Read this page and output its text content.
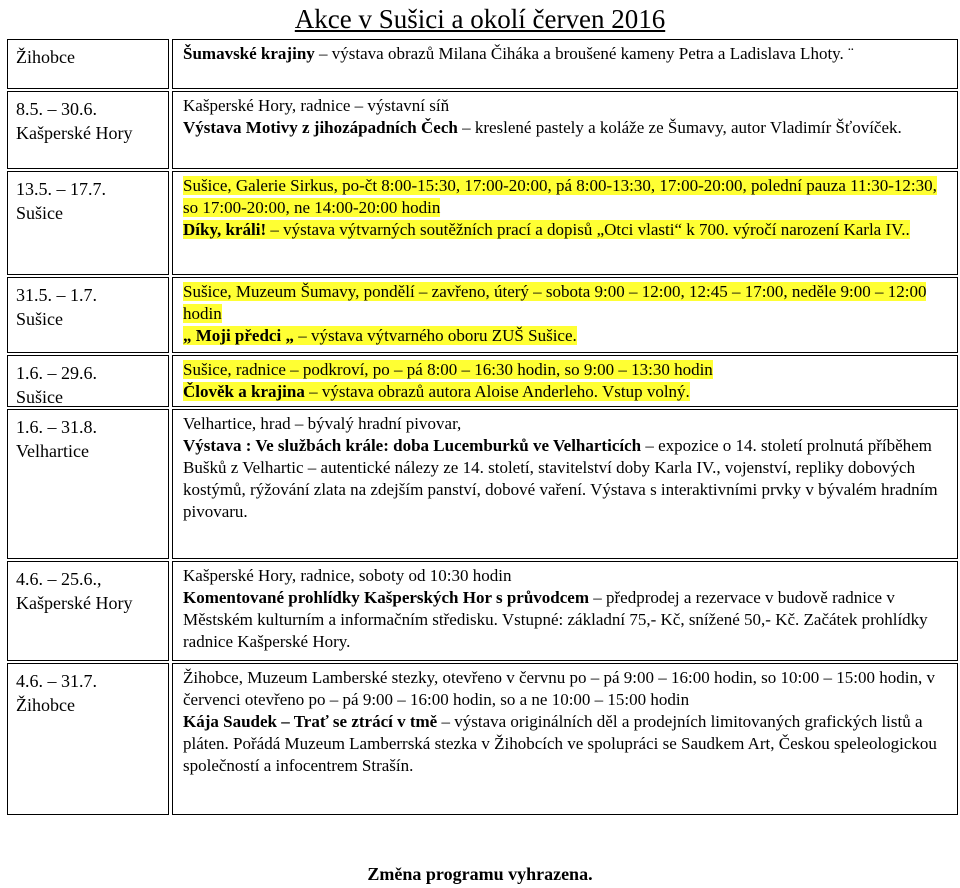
Akce v Sušici a okolí červen 2016
Žihobce	Šumavské krajiny – výstava obrazů Milana Čiháka a broušené kameny Petra a Ladislava Lhoty. ¨
8.5. – 30.6.
Kašperské Hory
Kašperské Hory, radnice – výstavní síň
Výstava Motivy z jihozápadních Čech – kreslené pastely a koláže ze Šumavy, autor Vladimír Šťovíček.
13.5. – 17.7.
Sušice
Sušice, Galerie Sirkus, po-čt 8:00-15:30, 17:00-20:00, pá 8:00-13:30, 17:00-20:00, polední pauza 11:30-12:30, so 17:00-20:00, ne 14:00-20:00 hodin
Díky, králi! – výstava výtvarných soutěžních prací a dopisů „Otci vlasti“ k 700. výročí narození Karla IV..
31.5. – 1.7.
Sušice
Sušice, Muzeum Šumavy, pondělí – zavřeno, úterý – sobota 9:00 – 12:00, 12:45 – 17:00, neděle 9:00 – 12:00 hodin
„ Moji předci „ – výstava výtvarného oboru ZUŠ Sušice.
1.6. – 29.6.
Sušice
Sušice, radnice – podkroví, po – pá 8:00 – 16:30 hodin, so 9:00 – 13:30 hodin
Člověk a krajina – výstava obrazů autora Aloise Anderleho. Vstup volný.
1.6. – 31.8.
Velhartice
Velhartice, hrad – bývalý hradní pivovar,
Výstava : Ve službách krále: doba Lucemburků ve Velharticích – expozice o 14. století prolnutá příběhem Bušků z Velhartic – autentické nálezy ze 14. století, stavitelství doby Karla IV., vojenství, repliky dobových kostýmů, rýžování zlata na zdejším panství, dobové vaření. Výstava s interaktivními prvky v bývalém hradním pivovaru.
4.6. – 25.6.,
Kašperské Hory
Kašperské Hory, radnice, soboty od 10:30 hodin
Komentované prohlídky Kašperských Hor s průvodcem – předprodej a rezervace v budově radnice v Městském kulturním a informačním středisku. Vstupné: základní 75,- Kč, snížené 50,- Kč. Začátek prohlídky radnice Kašperské Hory.
4.6. – 31.7.
Žihobce
Žihobce, Muzeum Lamberské stezky, otevřeno v červnu po – pá 9:00 – 16:00 hodin, so 10:00 – 15:00 hodin, v červenci otevřeno po – pá 9:00 – 16:00 hodin, so a ne 10:00 – 15:00 hodin
Kája Saudek – Trať se ztrácí v tmě – výstava originálních děl a prodejních limitovaných grafických listů a pláten. Pořádá Muzeum Lamberrská stezka v Žihobcích ve spolupráci se Saudkem Art, Českou speleologickou společností a infocentrem Strašín.
Změna programu vyhrazena.
